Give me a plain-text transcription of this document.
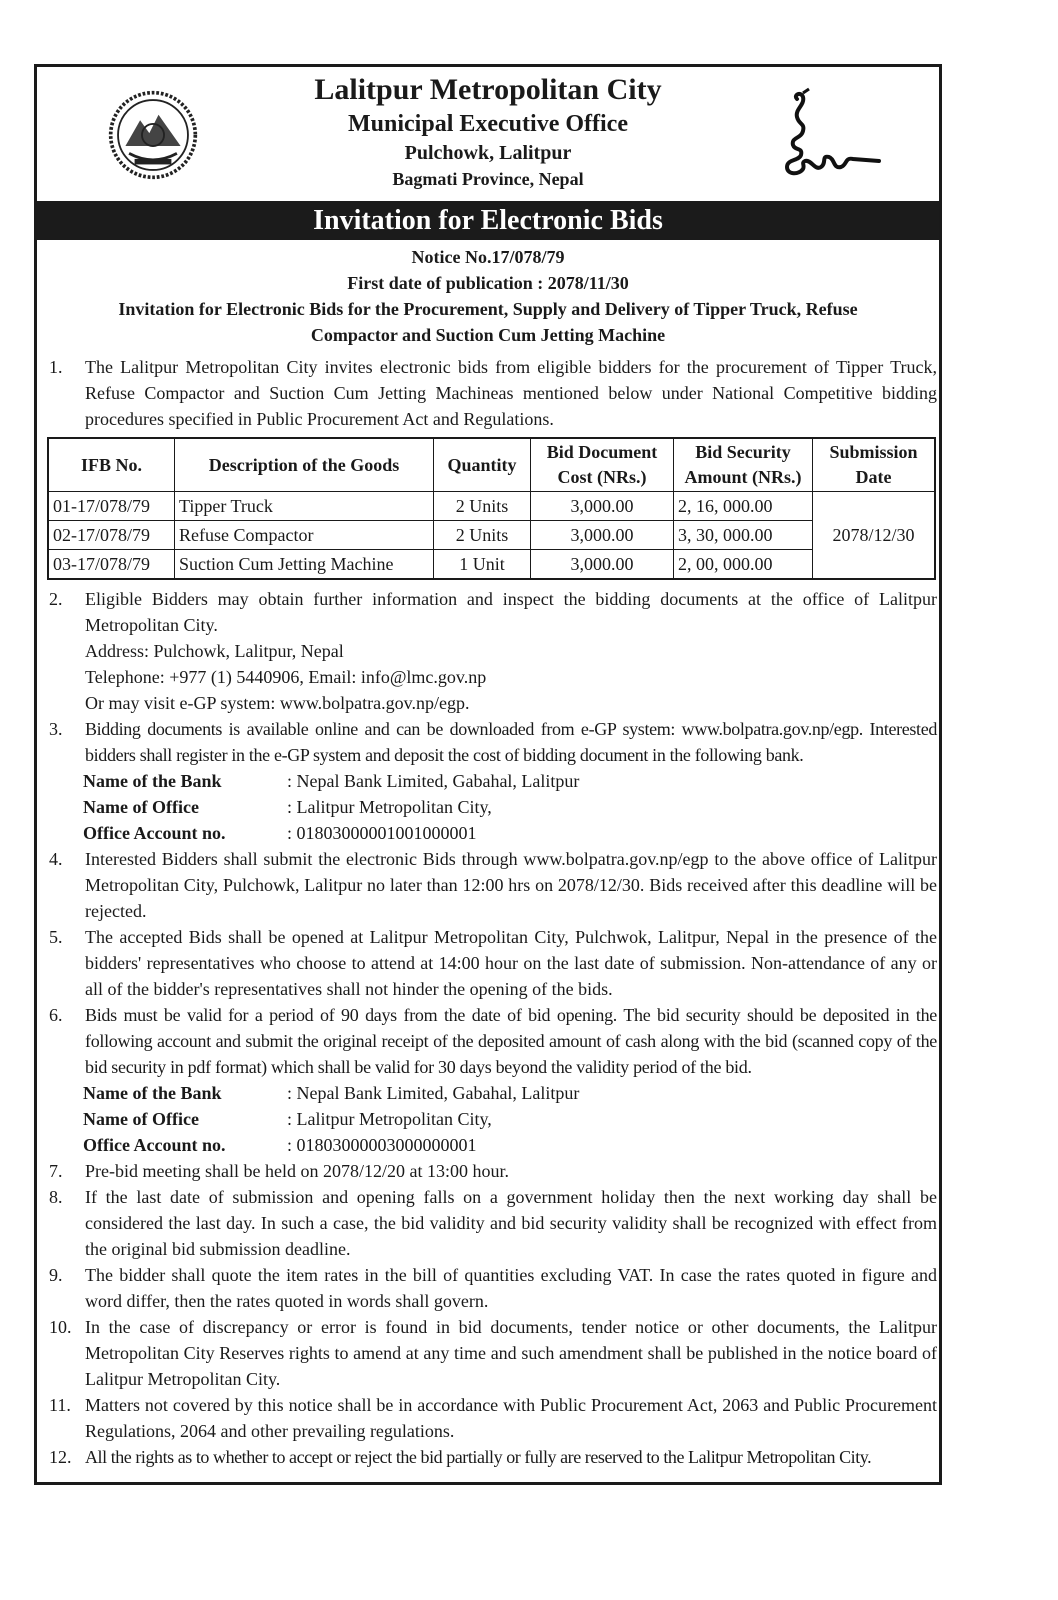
Lalitpur Metropolitan City
Municipal Executive Office
Pulchowk, Lalitpur
Bagmati Province, Nepal
Invitation for Electronic Bids
Notice No.17/078/79
First date of publication : 2078/11/30
Invitation for Electronic Bids for the Procurement, Supply and Delivery of Tipper Truck, Refuse
Compactor and Suction Cum Jetting Machine
1.	The Lalitpur Metropolitan City invites electronic bids from eligible bidders for the procurement of Tipper Truck, Refuse Compactor and Suction Cum Jetting Machineas mentioned below under National Competitive bidding procedures specified in Public Procurement Act and Regulations.
IFB No.	Description of the Goods	Quantity	Bid Document Cost (NRs.)	Bid Security Amount (NRs.)	Submission Date
01-17/078/79	Tipper Truck	2 Units	3,000.00	2, 16, 000.00	2078/12/30
02-17/078/79	Refuse Compactor	2 Units	3,000.00	3, 30, 000.00	
03-17/078/79	Suction Cum Jetting Machine	1 Unit	3,000.00	2, 00, 000.00	
2.	Eligible Bidders may obtain further information and inspect the bidding documents at the office of Lalitpur Metropolitan City.
Address: Pulchowk, Lalitpur, Nepal
Telephone: +977 (1) 5440906, Email: info@lmc.gov.np
Or may visit e-GP system: www.bolpatra.gov.np/egp.
3.	Bidding documents is available online and can be downloaded from e-GP system: www.bolpatra.gov.np/egp. Interested bidders shall register in the e-GP system and deposit the cost of bidding document in the following bank.
Name of the Bank	: Nepal Bank Limited, Gabahal, Lalitpur
Name of Office	: Lalitpur Metropolitan City,
Office Account no.	: 01803000001001000001
4.	Interested Bidders shall submit the electronic Bids through www.bolpatra.gov.np/egp to the above office of Lalitpur Metropolitan City, Pulchowk, Lalitpur no later than 12:00 hrs on 2078/12/30. Bids received after this deadline will be rejected.
5.	The accepted Bids shall be opened at Lalitpur Metropolitan City, Pulchwok, Lalitpur, Nepal in the presence of the bidders' representatives who choose to attend at 14:00 hour on the last date of submission. Non-attendance of any or all of the bidder's representatives shall not hinder the opening of the bids.
6.	Bids must be valid for a period of 90 days from the date of bid opening. The bid security should be deposited in the following account and submit the original receipt of the deposited amount of cash along with the bid (scanned copy of the bid security in pdf format) which shall be valid for 30 days beyond the validity period of the bid.
Name of the Bank	: Nepal Bank Limited, Gabahal, Lalitpur
Name of Office	: Lalitpur Metropolitan City,
Office Account no.	: 01803000003000000001
7.	Pre-bid meeting shall be held on 2078/12/20 at 13:00 hour.
8.	If the last date of submission and opening falls on a government holiday then the next working day shall be considered the last day. In such a case, the bid validity and bid security validity shall be recognized with effect from the original bid submission deadline.
9.	The bidder shall quote the item rates in the bill of quantities excluding VAT. In case the rates quoted in figure and word differ, then the rates quoted in words shall govern.
10. In the case of discrepancy or error is found in bid documents, tender notice or other documents, the Lalitpur Metropolitan City Reserves rights to amend at any time and such amendment shall be published in the notice board of Lalitpur Metropolitan City.
11. Matters not covered by this notice shall be in accordance with Public Procurement Act, 2063 and Public Procurement Regulations, 2064 and other prevailing regulations.
12. All the rights as to whether to accept or reject the bid partially or fully are reserved to the Lalitpur Metropolitan City.
